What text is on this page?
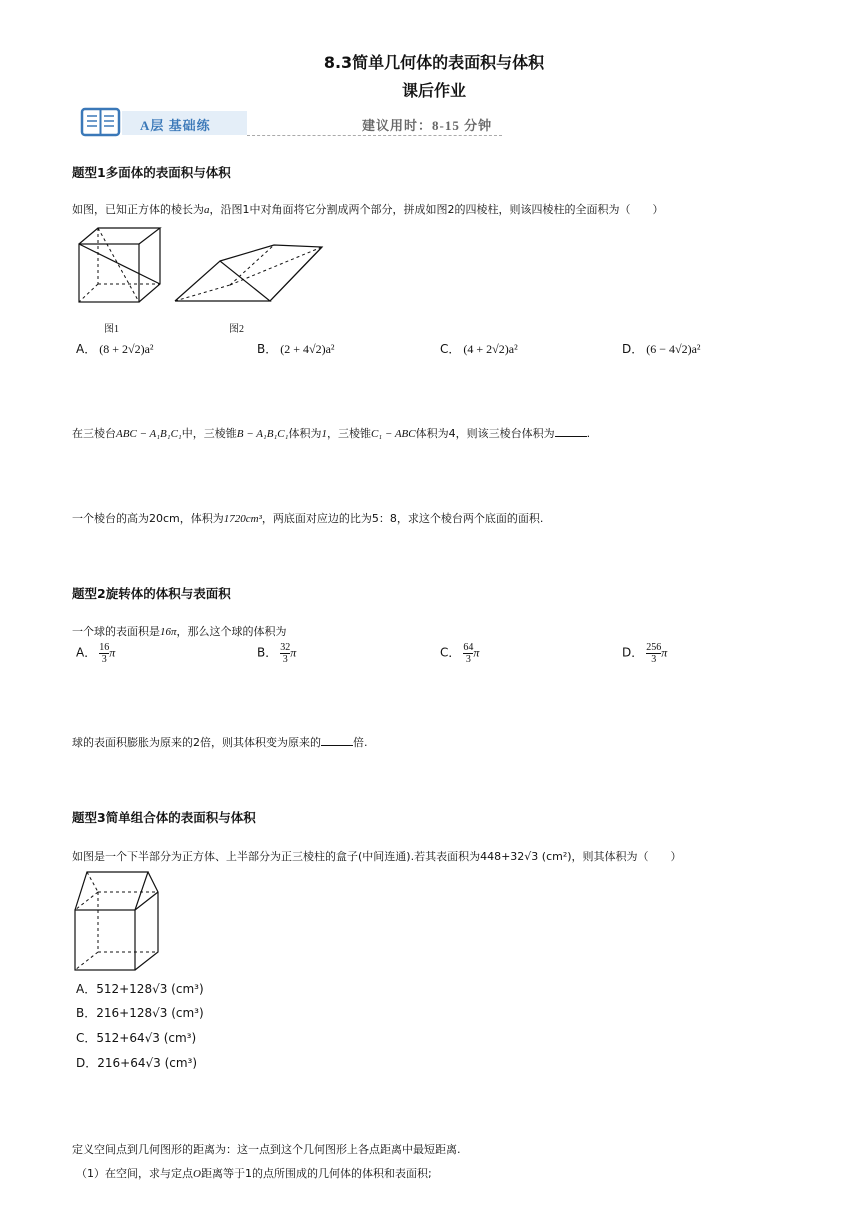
8.3简单几何体的表面积与体积
课后作业
A层 基础练	建议用时：8-15 分钟
题型1多面体的表面积与体积
如图，已知正方体的棱长为a，沿图1中对角面将它分割成两个部分，拼成如图2的四棱柱，则该四棱柱的全面积为（　　）
图1	图2
A． (8 + 2√2)a²	B． (2 + 4√2)a²	C． (4 + 2√2)a²	D． (6 − 4√2)a²
在三棱台ABC − A₁B₁C₁中，三棱锥B − A₁B₁C₁体积为1，三棱锥C₁ − ABC体积为4，则该三棱台体积为	.
一个棱台的高为20cm，体积为1720cm³，两底面对应边的比为5：8，求这个棱台两个底面的面积.
题型2旋转体的体积与表面积
一个球的表面积是16π，那么这个球的体积为
A． $\frac{16}{3}$ π	B． $\frac{32}{3}$ π	C． $\frac{64}{3}$ π	D． $\frac{256}{3}$ π
球的表面积膨胀为原来的2倍，则其体积变为原来的	倍.
题型3简单组合体的表面积与体积
如图是一个下半部分为正方体、上半部分为正三棱柱的盒子(中间连通).若其表面积为448+32√3 (cm²)，则其体积为（　　）
A．512+128√3 (cm³)
B．216+128√3 (cm³)
C．512+64√3 (cm³)
D．216+64√3 (cm³)
定义空间点到几何图形的距离为：这一点到这个几何图形上各点距离中最短距离.
（1）在空间，求与定点O距离等于1的点所围成的几何体的体积和表面积;
